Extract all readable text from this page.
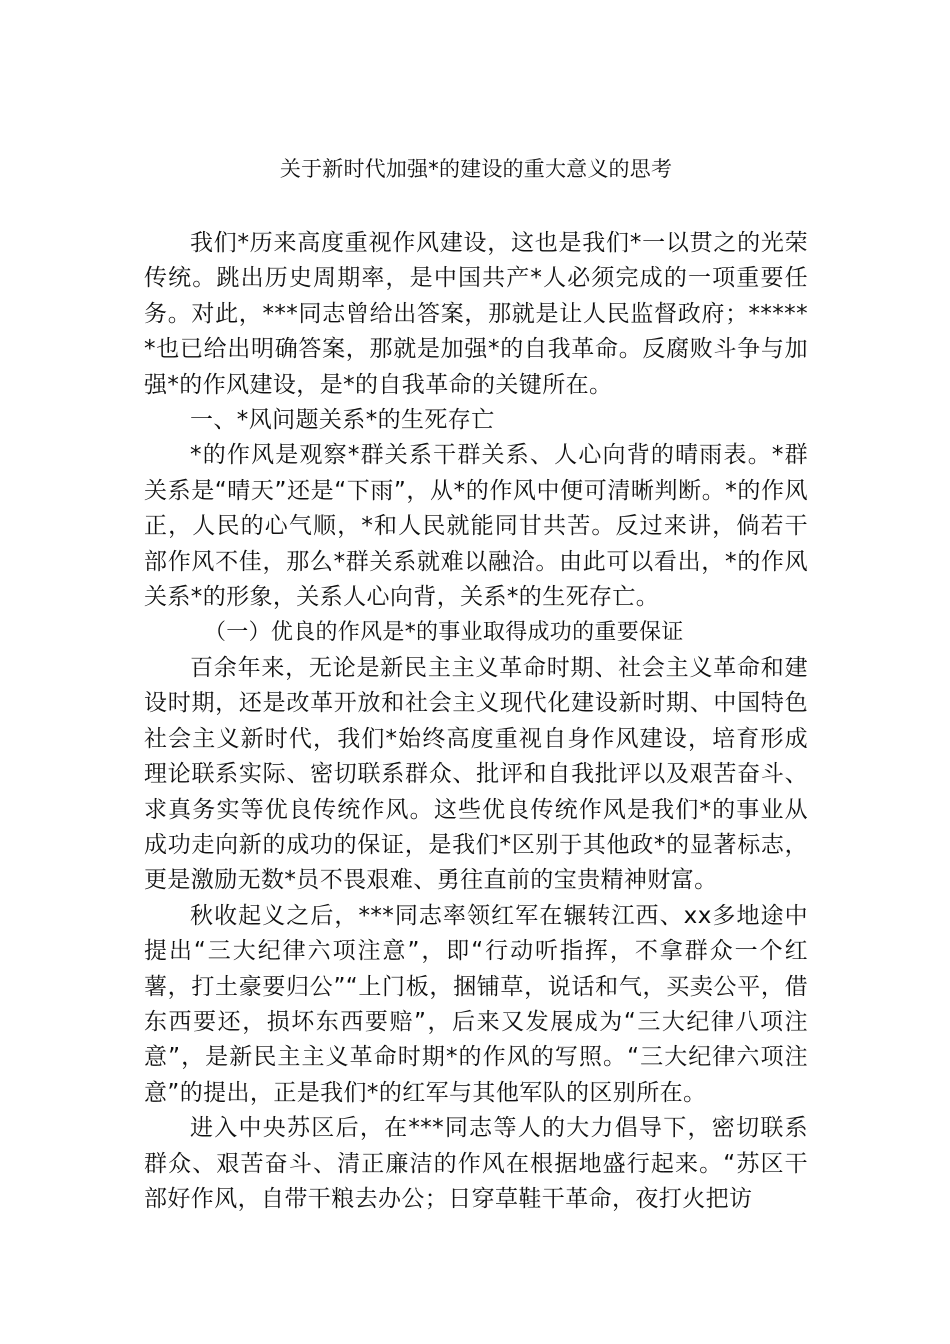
关于新时代加强*的建设的重大意义的思考

我们*历来高度重视作风建设，这也是我们*一以贯之的光荣传统。跳出历史周期率，是中国共产*人必须完成的一项重要任务。对此，***同志曾给出答案，那就是让人民监督政府；******也已给出明确答案，那就是加强*的自我革命。反腐败斗争与加强*的作风建设，是*的自我革命的关键所在。

一、*风问题关系*的生死存亡

*的作风是观察*群关系干群关系、人心向背的晴雨表。*群关系是“晴天”还是“下雨”，从*的作风中便可清晰判断。*的作风正，人民的心气顺，*和人民就能同甘共苦。反过来讲，倘若干部作风不佳，那么*群关系就难以融洽。由此可以看出，*的作风关系*的形象，关系人心向背，关系*的生死存亡。

（一）优良的作风是*的事业取得成功的重要保证

百余年来，无论是新民主主义革命时期、社会主义革命和建设时期，还是改革开放和社会主义现代化建设新时期、中国特色社会主义新时代，我们*始终高度重视自身作风建设，培育形成理论联系实际、密切联系群众、批评和自我批评以及艰苦奋斗、求真务实等优良传统作风。这些优良传统作风是我们*的事业从成功走向新的成功的保证，是我们*区别于其他政*的显著标志，更是激励无数*员不畏艰难、勇往直前的宝贵精神财富。

秋收起义之后，***同志率领红军在辗转江西、xx多地途中提出“三大纪律六项注意”，即“行动听指挥，不拿群众一个红薯，打土豪要归公”“上门板，捆铺草，说话和气，买卖公平，借东西要还，损坏东西要赔”，后来又发展成为“三大纪律八项注意”，是新民主主义革命时期*的作风的写照。“三大纪律六项注意”的提出，正是我们*的红军与其他军队的区别所在。

进入中央苏区后，在***同志等人的大力倡导下，密切联系群众、艰苦奋斗、清正廉洁的作风在根据地盛行起来。“苏区干部好作风，自带干粮去办公；日穿草鞋干革命，夜打火把访
